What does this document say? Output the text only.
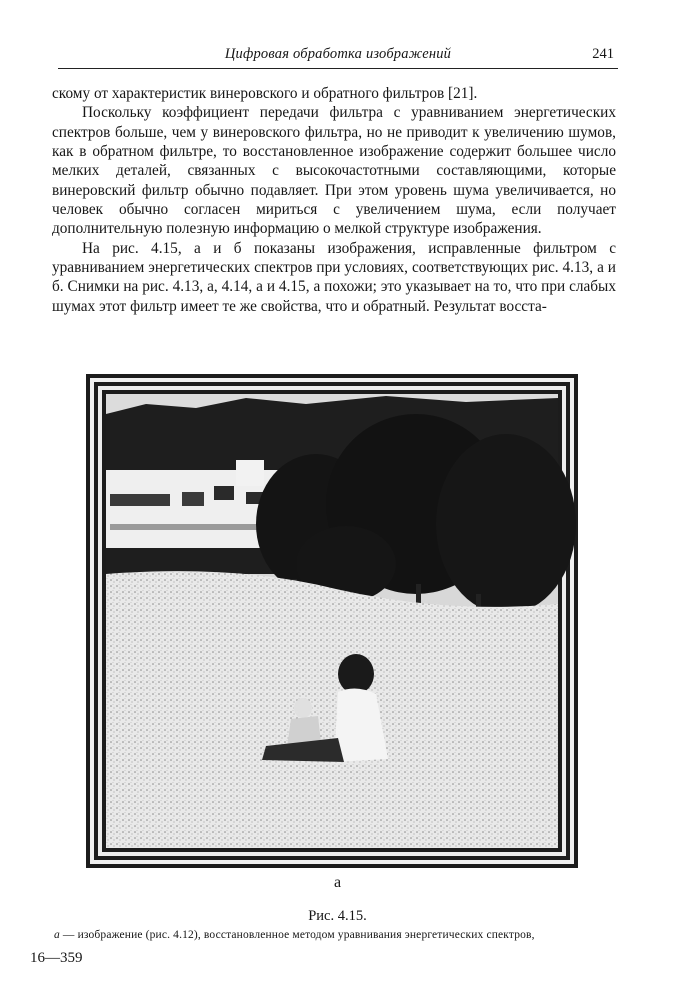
Цифровая обработка изображений	241

скому от характеристик винеровского и обратного фильтров [21].

Поскольку коэффициент передачи фильтра с уравниванием энергетических спектров больше, чем у винеровского фильтра, но не приводит к увеличению шумов, как в обратном фильтре, то восстановленное изображение содержит большее число мелких деталей, связанных с высокочастотными составляющими, которые винеровский фильтр обычно подавляет. При этом уровень шума увеличивается, но человек обычно согласен мириться с увеличением шума, если получает дополнительную полезную информацию о мелкой структуре изображения.

На рис. 4.15, а и б показаны изображения, исправленные фильтром с уравниванием энергетических спектров при условиях, соответствующих рис. 4.13, а и б. Снимки на рис. 4.13, а, 4.14, а и 4.15, а похожи; это указывает на то, что при слабых шумах этот фильтр имеет те же свойства, что и обратный. Результат восста-

а
Рис. 4.15.
а — изображение (рис. 4.12), восстановленное методом уравнивания энергетических спектров,
16—359
